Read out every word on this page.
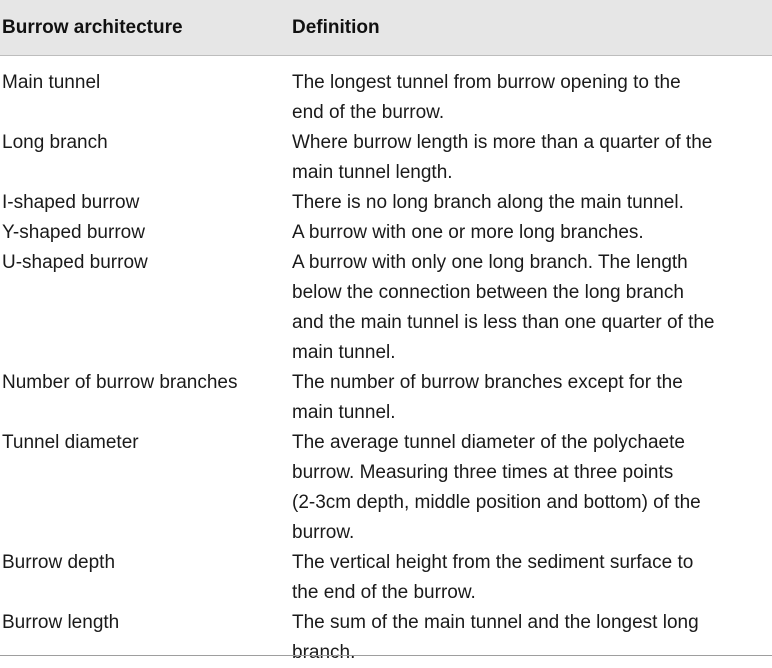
Burrow architecture	Definition
Main tunnel	The longest tunnel from burrow opening to the
end of the burrow.
Long branch	Where burrow length is more than a quarter of the
main tunnel length.
I-shaped burrow	There is no long branch along the main tunnel.
Y-shaped burrow	A burrow with one or more long branches.
U-shaped burrow	A burrow with only one long branch. The length
below the connection between the long branch
and the main tunnel is less than one quarter of the
main tunnel.
Number of burrow branches	The number of burrow branches except for the
main tunnel.
Tunnel diameter	The average tunnel diameter of the polychaete
burrow. Measuring three times at three points
(2-3cm depth, middle position and bottom) of the
burrow.
Burrow depth	The vertical height from the sediment surface to
the end of the burrow.
Burrow length	The sum of the main tunnel and the longest long
branch.
